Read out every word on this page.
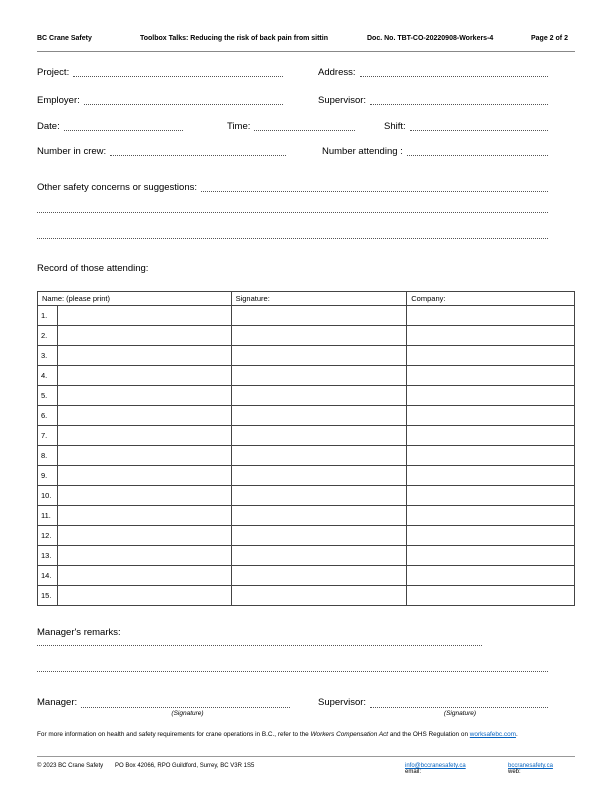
BC Crane Safety	Toolbox Talks: Reducing the risk of back pain from sittin	Doc. No. TBT-CO-20220908-Workers-4	Page 2 of 2
Project:	Address:
Employer:	Supervisor:
Date:	Time:	Shift:
Number in crew:	Number attending :
Other safety concerns or suggestions:
Record of those attending:
Name: (please print)		Signature:	Company:
1.			
2.			
3.			
4.			
5.			
6.			
7.			
8.			
9.			
10.			
11.			
12.			
13.			
14.			
15.			
Manager's remarks:
Manager:
(Signature)
Supervisor:
(Signature)
For more information on health and safety requirements for crane operations in B.C., refer to the Workers Compensation Act and the OHS Regulation on worksafebc.com.
© 2023 BC Crane Safety PO Box 42066, RPO Guildford, Surrey, BC V3R 1S5
email:
info@bccranesafety.ca
web:
bccranesafety.ca
